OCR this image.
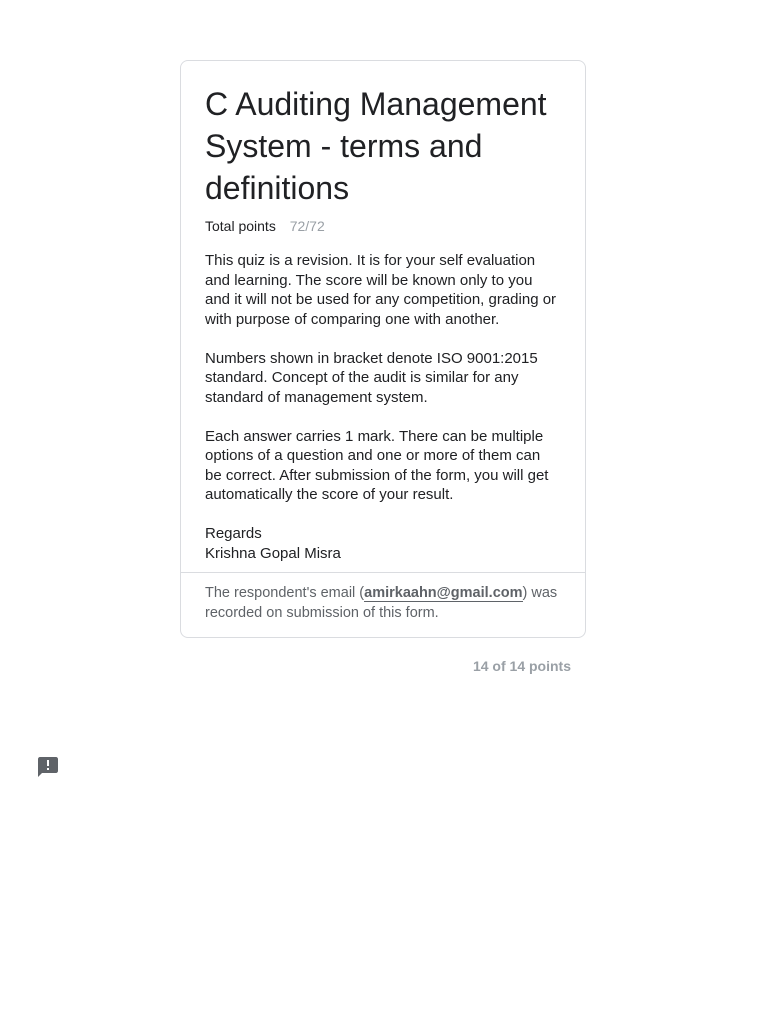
C Auditing Management System - terms and definitions
Total points 72/72

This quiz is a revision. It is for your self evaluation and learning. The score will be known only to you and it will not be used for any competition, grading or with purpose of comparing one with another.

Numbers shown in bracket denote ISO 9001:2015 standard. Concept of the audit is similar for any standard of management system.

Each answer carries 1 mark. There can be multiple options of a question and one or more of them can be correct. After submission of the form, you will get automatically the score of your result.

Regards
Krishna Gopal Misra

The respondent's email (amirkaahn@gmail.com) was recorded on submission of this form.
14 of 14 points
